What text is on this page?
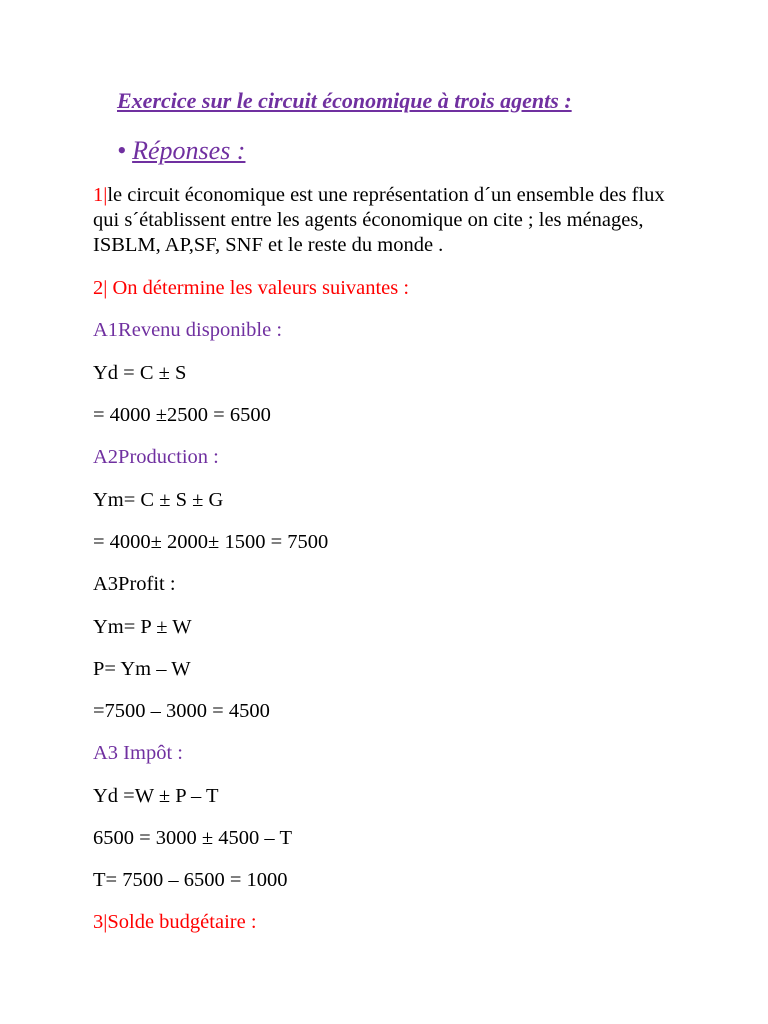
Exercice sur le circuit économique à trois agents :
• Réponses :
1|le circuit économique est une représentation d´un ensemble des flux qui s´établissent entre les agents économique on cite ; les ménages, ISBLM, AP,SF, SNF et le reste du monde .
2| On détermine les valeurs suivantes :
A1Revenu disponible :
Yd = C ± S
= 4000 ±2500 = 6500
A2Production :
Ym= C ± S ± G
= 4000± 2000± 1500 = 7500
A3Profit :
Ym= P ± W
P= Ym – W
=7500 – 3000 = 4500
A3 Impôt :
Yd =W ± P – T
6500 = 3000 ± 4500 – T
T= 7500 – 6500 = 1000
3|Solde budgétaire :
